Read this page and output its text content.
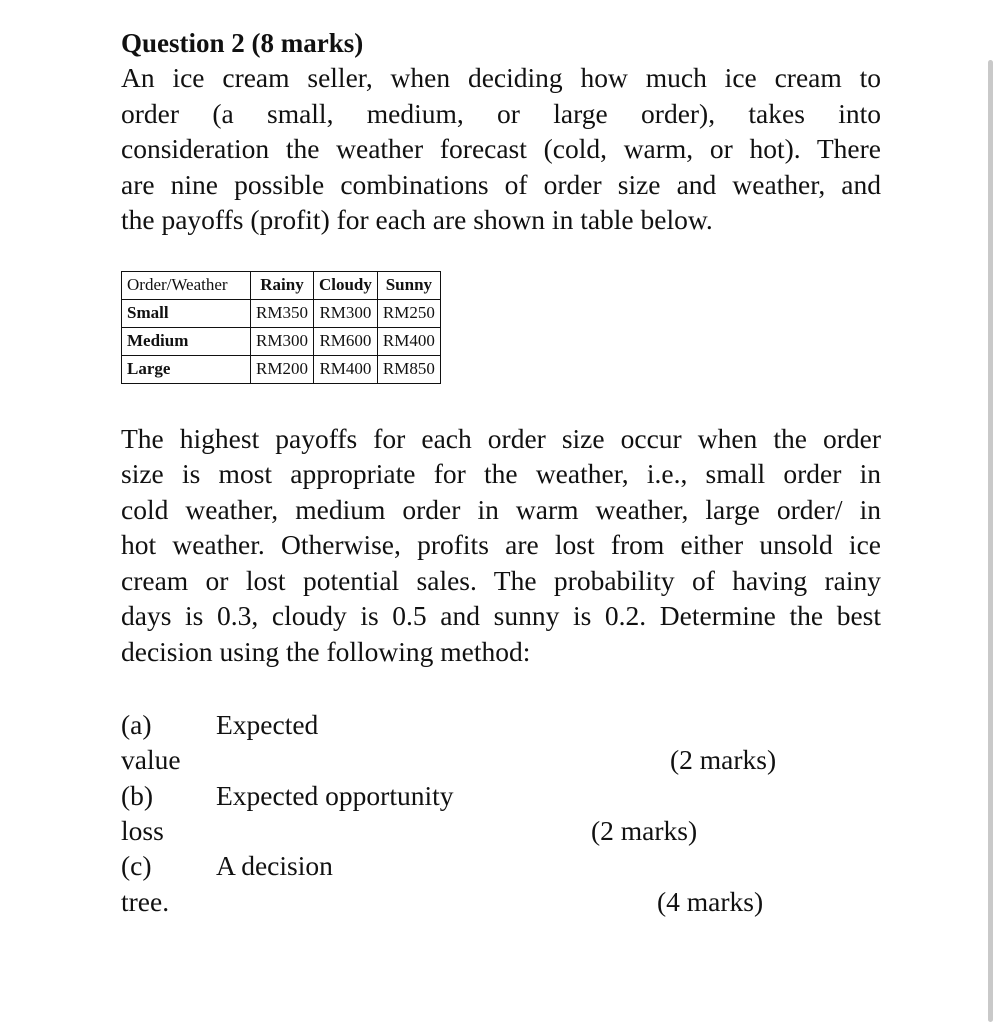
Question 2 (8 marks)

An ice cream seller, when deciding how much ice cream to
order (a small, medium, or large order), takes into
consideration the weather forecast (cold, warm, or hot). There
are nine possible combinations of order size and weather, and
the payoffs (profit) for each are shown in table below.

Order/Weather	Rainy	Cloudy	Sunny
Small	RM350	RM300	RM250
Medium	RM300	RM600	RM400
Large	RM200	RM400	RM850

The highest payoffs for each order size occur when the order
size is most appropriate for the weather, i.e., small order in
cold weather, medium order in warm weather, large order/ in
hot weather. Otherwise, profits are lost from either unsold ice
cream or lost potential sales. The probability of having rainy
days is 0.3, cloudy is 0.5 and sunny is 0.2. Determine the best
decision using the following method:

(a) Expected
value	(2 marks)
(b) Expected opportunity
loss	(2 marks)
(c) A decision
tree.	(4 marks)
